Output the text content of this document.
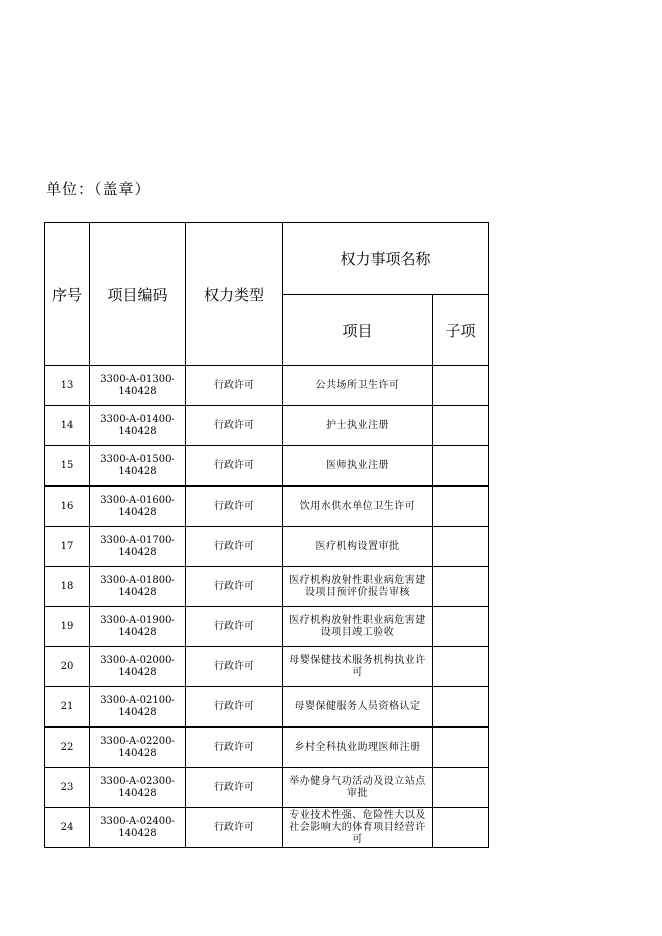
单位：（盖章）
序号	项目编码	权力类型	权力事项名称	
			项目	子项
13	3300-A-01300-140428	行政许可	公共场所卫生许可	
14	3300-A-01400-140428	行政许可	护士执业注册	
15	3300-A-01500-140428	行政许可	医师执业注册	
16	3300-A-01600-140428	行政许可	饮用水供水单位卫生许可	
17	3300-A-01700-140428	行政许可	医疗机构设置审批	
18	3300-A-01800-140428	行政许可	医疗机构放射性职业病危害建设项目预评价报告审核	
19	3300-A-01900-140428	行政许可	医疗机构放射性职业病危害建设项目竣工验收	
20	3300-A-02000-140428	行政许可	母婴保健技术服务机构执业许可	
21	3300-A-02100-140428	行政许可	母婴保健服务人员资格认定	
22	3300-A-02200-140428	行政许可	乡村全科执业助理医师注册	
23	3300-A-02300-140428	行政许可	举办健身气功活动及设立站点审批	
24	3300-A-02400-140428	行政许可	专业技术性强、危险性大以及社会影响大的体育项目经营许可	
